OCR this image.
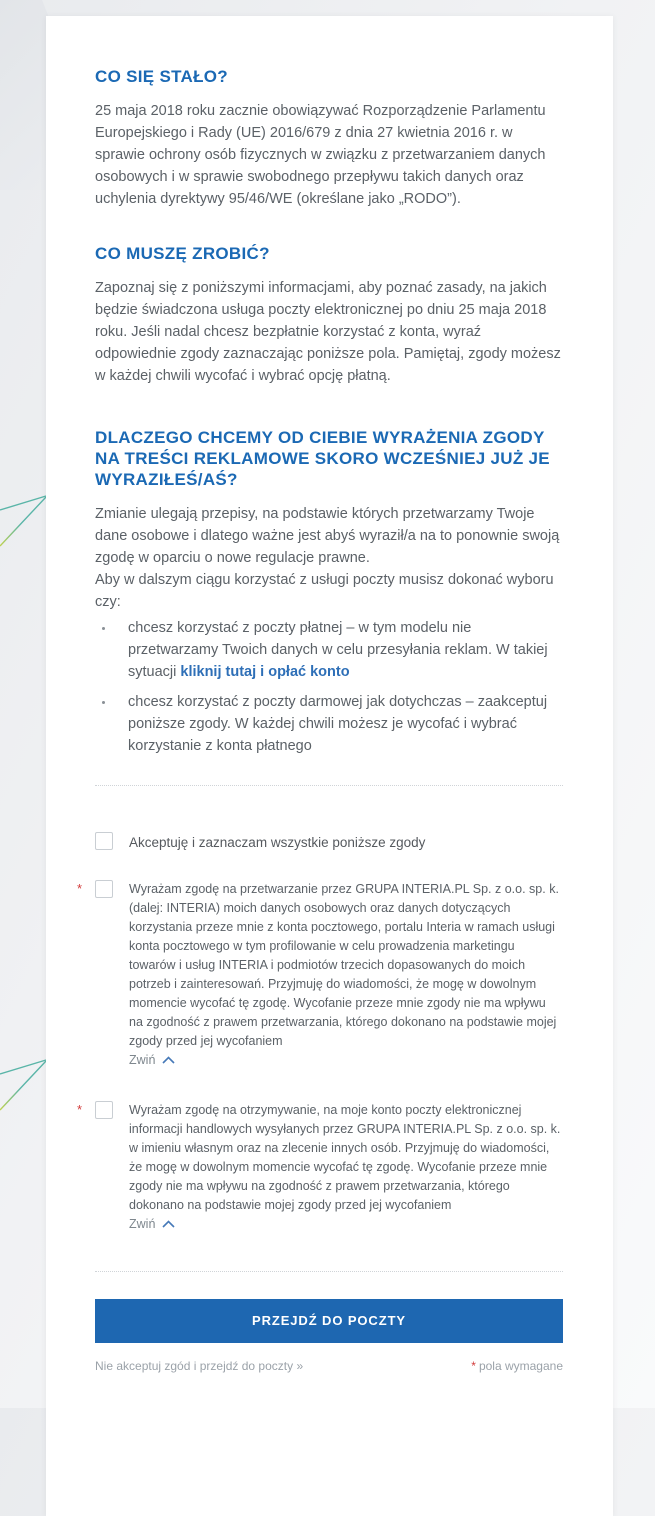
CO SIĘ STAŁO?

25 maja 2018 roku zacznie obowiązywać Rozporządzenie Parlamentu Europejskiego i Rady (UE) 2016/679 z dnia 27 kwietnia 2016 r. w sprawie ochrony osób fizycznych w związku z przetwarzaniem danych osobowych i w sprawie swobodnego przepływu takich danych oraz uchylenia dyrektywy 95/46/WE (określane jako „RODO”).

CO MUSZĘ ZROBIĆ?

Zapoznaj się z poniższymi informacjami, aby poznać zasady, na jakich będzie świadczona usługa poczty elektronicznej po dniu 25 maja 2018 roku. Jeśli nadal chcesz bezpłatnie korzystać z konta, wyraź odpowiednie zgody zaznaczając poniższe pola. Pamiętaj, zgody możesz w każdej chwili wycofać i wybrać opcję płatną.

DLACZEGO CHCEMY OD CIEBIE WYRAŻENIA ZGODY NA TREŚCI REKLAMOWE SKORO WCZEŚNIEJ JUŻ JE WYRAZIŁEŚ/AŚ?

Zmianie ulegają przepisy, na podstawie których przetwarzamy Twoje dane osobowe i dlatego ważne jest abyś wyraził/a na to ponownie swoją zgodę w oparciu o nowe regulacje prawne.

Aby w dalszym ciągu korzystać z usługi poczty musisz dokonać wyboru czy:

chcesz korzystać z poczty płatnej – w tym modelu nie przetwarzamy Twoich danych w celu przesyłania reklam. W takiej sytuacji kliknij tutaj i opłać konto
chcesz korzystać z poczty darmowej jak dotychczas – zaakceptuj poniższe zgody. W każdej chwili możesz je wycofać i wybrać korzystanie z konta płatnego
Akceptuję i zaznaczam wszystkie poniższe zgody
*	Wyrażam zgodę na przetwarzanie przez GRUPA INTERIA.PL Sp. z o.o. sp. k. (dalej: INTERIA) moich danych osobowych oraz danych dotyczących korzystania przeze mnie z konta pocztowego, portalu Interia w ramach usługi konta pocztowego w tym profilowanie w celu prowadzenia marketingu towarów i usług INTERIA i podmiotów trzecich dopasowanych do moich potrzeb i zainteresowań. Przyjmuję do wiadomości, że mogę w dowolnym momencie wycofać tę zgodę. Wycofanie przeze mnie zgody nie ma wpływu na zgodność z prawem przetwarzania, którego dokonano na podstawie mojej zgody przed jej wycofaniem
Zwiń
*	Wyrażam zgodę na otrzymywanie, na moje konto poczty elektronicznej informacji handlowych wysyłanych przez GRUPA INTERIA.PL Sp. z o.o. sp. k. w imieniu własnym oraz na zlecenie innych osób. Przyjmuję do wiadomości, że mogę w dowolnym momencie wycofać tę zgodę. Wycofanie przeze mnie zgody nie ma wpływu na zgodność z prawem przetwarzania, którego dokonano na podstawie mojej zgody przed jej wycofaniem
Zwiń
PRZEJDŹ DO POCZTY
Nie akceptuj zgód i przejdź do poczty »	* pola wymagane
